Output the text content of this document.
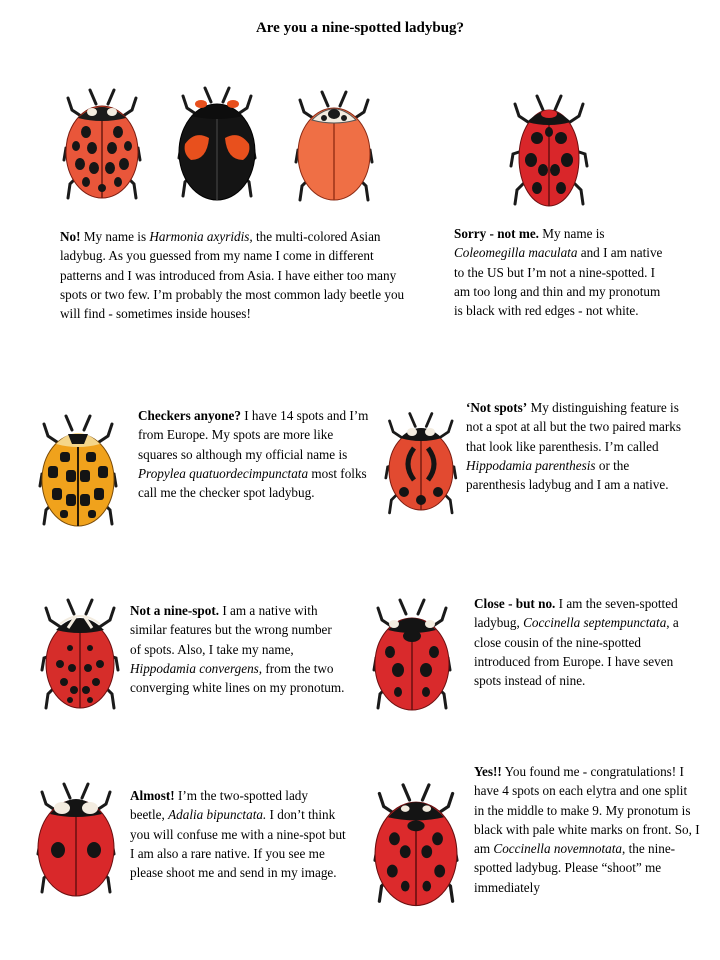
Are you a nine-spotted ladybug?
No! My name is Harmonia axyridis, the multi-colored Asian ladybug. As you guessed from my name I come in different patterns and I was introduced from Asia. I have either too many spots or two few. I’m probably the most common lady beetle you will find - sometimes inside houses!
Sorry - not me. My name is Coleomegilla maculata and I am native to the US but I’m not a nine-spotted. I am too long and thin and my pronotum is black with red edges - not white.
Checkers anyone? I have 14 spots and I’m from Europe. My spots are more like squares so although my official name is Propylea quatuordecimpunctata most folks call me the checker spot ladybug.
‘Not spots’ My distinguishing feature is not a spot at all but the two paired marks that look like parenthesis. I’m called Hippodamia parenthesis or the parenthesis ladybug and I am a native.
Not a nine-spot. I am a native with similar features but the wrong number of spots. Also, I take my name, Hippodamia convergens, from the two converging white lines on my pronotum.
Close - but no. I am the seven-spotted ladybug, Coccinella septempunctata, a close cousin of the nine-spotted introduced from Europe. I have seven spots instead of nine.
Almost! I’m the two-spotted lady beetle, Adalia bipunctata. I don’t think you will confuse me with a nine-spot but I am also a rare native. If you see me please shoot me and send in my image.
Yes!! You found me - congratulations! I have 4 spots on each elytra and one split in the middle to make 9. My pronotum is black with pale white marks on front. So, I am Coccinella novemnotata, the nine-spotted ladybug. Please “shoot” me immediately
